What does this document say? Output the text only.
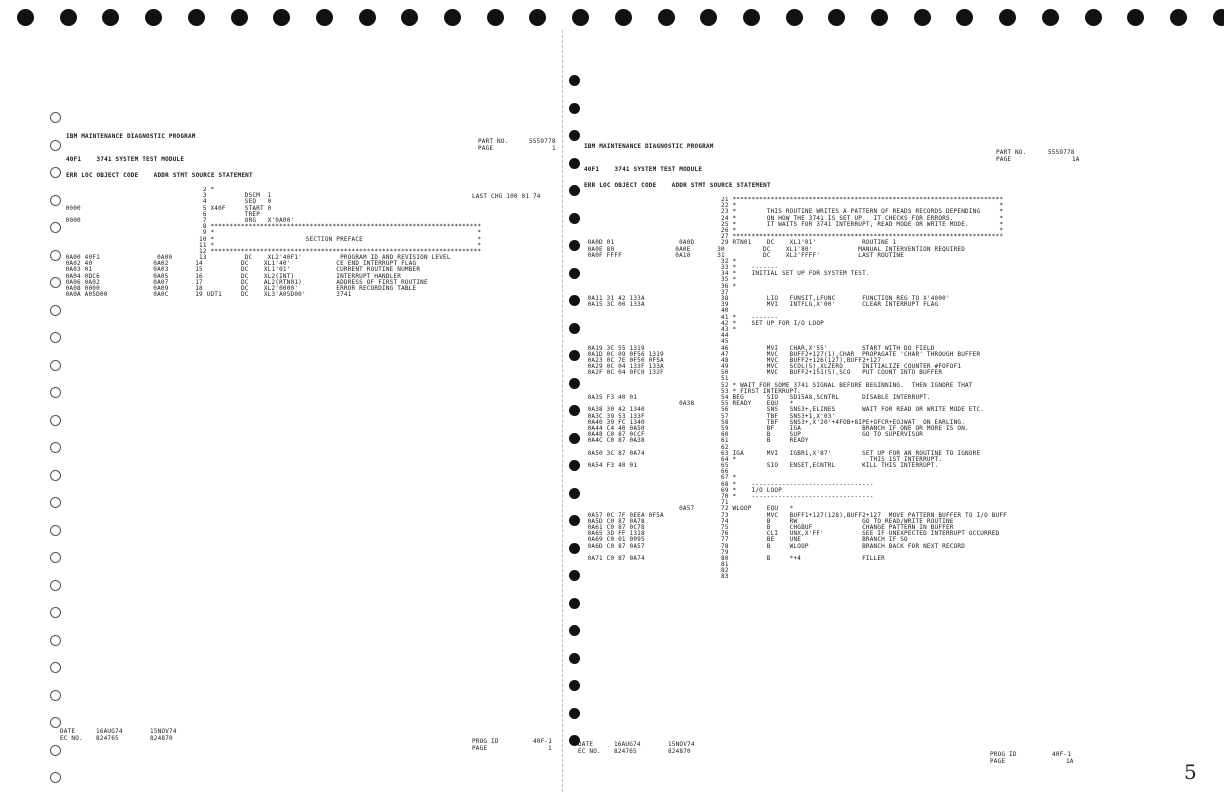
IBM MAINTENANCE DIAGNOSTIC PROGRAM
PART NO.	5559778
PAGE	1
40F1    3741 SYSTEM TEST MODULE
ERR LOC OBJECT CODE    ADDR STMT SOURCE STATEMENT
LAST CHG 100 01 74
2 *
3          DSCM  1
4          SEQ   0
0000                                5 X40F     START 0
6          TREP
0000                                7          ORG   X'0A00'
8 ***********************************************************************
9 *                                                                     *
10 *                        SECTION PREFACE                              *
11 *                                                                     *
12 ***********************************************************************
0A00 40F1               0A00       13          DC    XL2'40F1'          PROGRAM ID AND REVISION LEVEL
0A02 40                0A02       14          DC    XL1'40'            CE END INTERRUPT FLAG
0A03 01                0A03       15          DC    XL1'01'            CURRENT ROUTINE NUMBER
0A04 0DC6              0A05       16          DC    XL2(INT)           INTERRUPT HANDLER
0A06 0A02              0A07       17          DC    AL2(RTN01)         ADDRESS OF FIRST ROUTINE
0A08 0000              0A09       18          DC    XL2'0000'          ERROR RECORDING TABLE
0A0A A05D00            0A0C       19 UDT1     DC    XL3'A05D00'        3741
DATE	16AUG74	15NOV74
EC NO. 824765	824870	PROG ID	40F-1
PAGE	1
IBM MAINTENANCE DIAGNOSTIC PROGRAM
PART NO.	5559778
PAGE	1A
40F1    3741 SYSTEM TEST MODULE
ERR LOC OBJECT CODE    ADDR STMT SOURCE STATEMENT
21 ***********************************************************************
22 *                                                                     *
23 *        THIS ROUTINE WRITES A PATTERN OF READS RECORDS DEPENDING     *
24 *        ON HOW THE 3741 IS SET UP.  IT CHECKS FOR ERRORS.            *
25 *        IT WAITS FOR 3741 INTERRUPT, READ MODE OR WRITE MODE.        *
26 *                                                                     *
27 ***********************************************************************
0A0D 01                 0A0D       29 RTN01    DC    XL1'01'            ROUTINE 1
0A0E 80                0A0E       30          DC    XL1'80'            MANUAL INTERVENTION REQUIRED
0A0F FFFF              0A10       31          DC    XL2'FFFF'          LAST ROUTINE
32 *
33 *    -------
34 *    INITIAL SET UP FOR SYSTEM TEST.
35 *
36 *
37
0A11 31 42 133A                    38          LIO   FUNSIT,LFUNC       FUNCTION REG TO X'4000'
0A15 3C 00 133A                    39          MVI   INTFLG,X'00'       CLEAR INTERRUPT FLAG
40
41 *    -------
42 *    SET UP FOR I/O LOOP
43 *
44
45
0A19 3C 55 1319                    46          MVI   CHAR,X'55'         START WITH DO FIELD
0A1D 0C 09 0F56 1319               47          MVC   BUFF2+127(1),CHAR  PROPAGATE 'CHAR' THROUGH BUFFER
0A23 0C 7E 0F50 0F5A               48          MVC   BUFF2+126(127),BUFF2+127
0A29 0C 04 133F 133A               49          MVC   SCOL(5),XLZERO     INITIALIZE COUNTER #FOFOF1
0A2F 0C 04 0FC0 132F               50          MVC   BUFF2+151(5),SCO   PUT COUNT INTO BUFFER
51
52 * WAIT FOR SOME 3741 SIGNAL BEFORE BEGINNING.  THEN IGNORE THAT
53 * FIRST INTERRUPT.
0A35 F3 40 01                      54 BEG      SIO   SD15A8,SCNTRL      DISABLE INTERRUPT.
0A38       55 READY    EQU   *
0A38 30 42 1340                    56          SNS   SNS3+,ELINES       WAIT FOR READ OR WRITE MODE ETC.
0A3C 39 53 133F                    57          TBF   SNS3+1,X'03'
0A40 39 FC 1340                    58          TBF   SNS3+,X'20'+4FOB+8IPE+OFCR+EOJWAT  ON EARLING.
0A44 C4 40 0A50                    59          BF    IGA                BRANCH IF ONE OR MORE IS ON.
0A48 C0 87 0CCF                    60          B     SUP                GO TO SUPERVISOR
0A4C C0 87 0A38                    61          B     READY
62
0A50 3C 87 0A74                    63 IGA      MVI   IGBR1,X'87'        SET UP FOR AN ROUTINE TO IGNORE
64 *                                   THIS 1ST INTERRUPT.
0A54 F3 40 01                      65          SIO   ENSET,ECNTRL       KILL THIS INTERRUPT.
66
67 *
68 *    --------------------------------
69 *    I/O LOOP
70 *    --------------------------------
71
0A57       72 WLOOP    EQU   *
0A57 0C 7F 0EEA 0F5A               73          MVC   BUFF1+127(128),BUFF2+127  MOVE PATTERN BUFFER TO I/O BUFF
0A5D C0 87 0A78                    74          B     RW                 GO TO READ/WRITE ROUTINE
0A61 C0 87 0C78                    75          B     CHGBUF             CHANGE PATTERN IN BUFFER
0A65 3D FF 1318                    76          CLI   UNX,X'FF'          SEE IF UNEXPECTED INTERRUPT OCCURRED
0A69 C0 01 0095                    77          BE    UNE                BRANCH IF SO
0A6D C0 87 0A57                    78          B     WLOOP              BRANCH BACK FOR NEXT RECORD
79
0A71 C0 87 0A74                    80          B     *+4                FILLER
81
82
83
DATE	16AUG74	15NOV74
EC NO. 824765	824870	PROG ID	40F-1
PAGE	1A	5
